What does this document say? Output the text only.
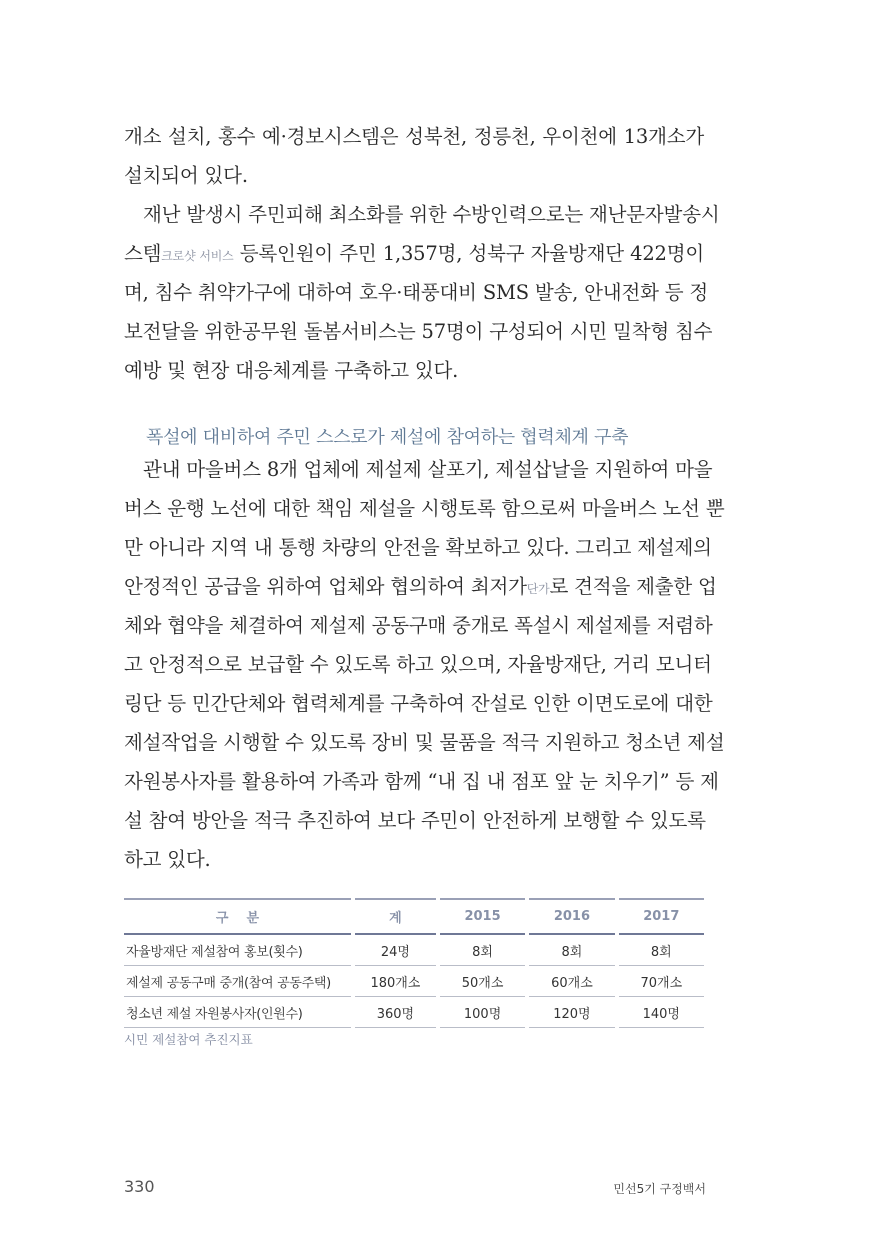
개소 설치, 홍수 예·경보시스템은 성북천, 정릉천, 우이천에 13개소가
설치되어 있다.
재난 발생시 주민피해 최소화를 위한 수방인력으로는 재난문자발송시
스템크로샷 서비스 등록인원이 주민 1,357명, 성북구 자율방재단 422명이
며, 침수 취약가구에 대하여 호우·태풍대비 SMS 발송, 안내전화 등 정
보전달을 위한공무원 돌봄서비스는 57명이 구성되어 시민 밀착형 침수
예방 및 현장 대응체계를 구축하고 있다.
폭설에 대비하여 주민 스스로가 제설에 참여하는 협력체계 구축
관내 마을버스 8개 업체에 제설제 살포기, 제설삽날을 지원하여 마을
버스 운행 노선에 대한 책임 제설을 시행토록 함으로써 마을버스 노선 뿐
만 아니라 지역 내 통행 차량의 안전을 확보하고 있다. 그리고 제설제의
안정적인 공급을 위하여 업체와 협의하여 최저가단가로 견적을 제출한 업
체와 협약을 체결하여 제설제 공동구매 중개로 폭설시 제설제를 저렴하
고 안정적으로 보급할 수 있도록 하고 있으며, 자율방재단, 거리 모니터
링단 등 민간단체와 협력체계를 구축하여 잔설로 인한 이면도로에 대한
제설작업을 시행할 수 있도록 장비 및 물품을 적극 지원하고 청소년 제설
자원봉사자를 활용하여 가족과 함께 “내 집 내 점포 앞 눈 치우기” 등 제
설 참여 방안을 적극 추진하여 보다 주민이 안전하게 보행할 수 있도록
하고 있다.
구    분	계	2015	2016	2017
자율방재단 제설참여 홍보(횟수)	24명	8회	8회	8회
제설제 공동구매 중개(참여 공동주택)	180개소	50개소	60개소	70개소
청소년 제설 자원봉사자(인원수)	360명	100명	120명	140명
시민 제설참여 추진지표
330	민선5기 구정백서
